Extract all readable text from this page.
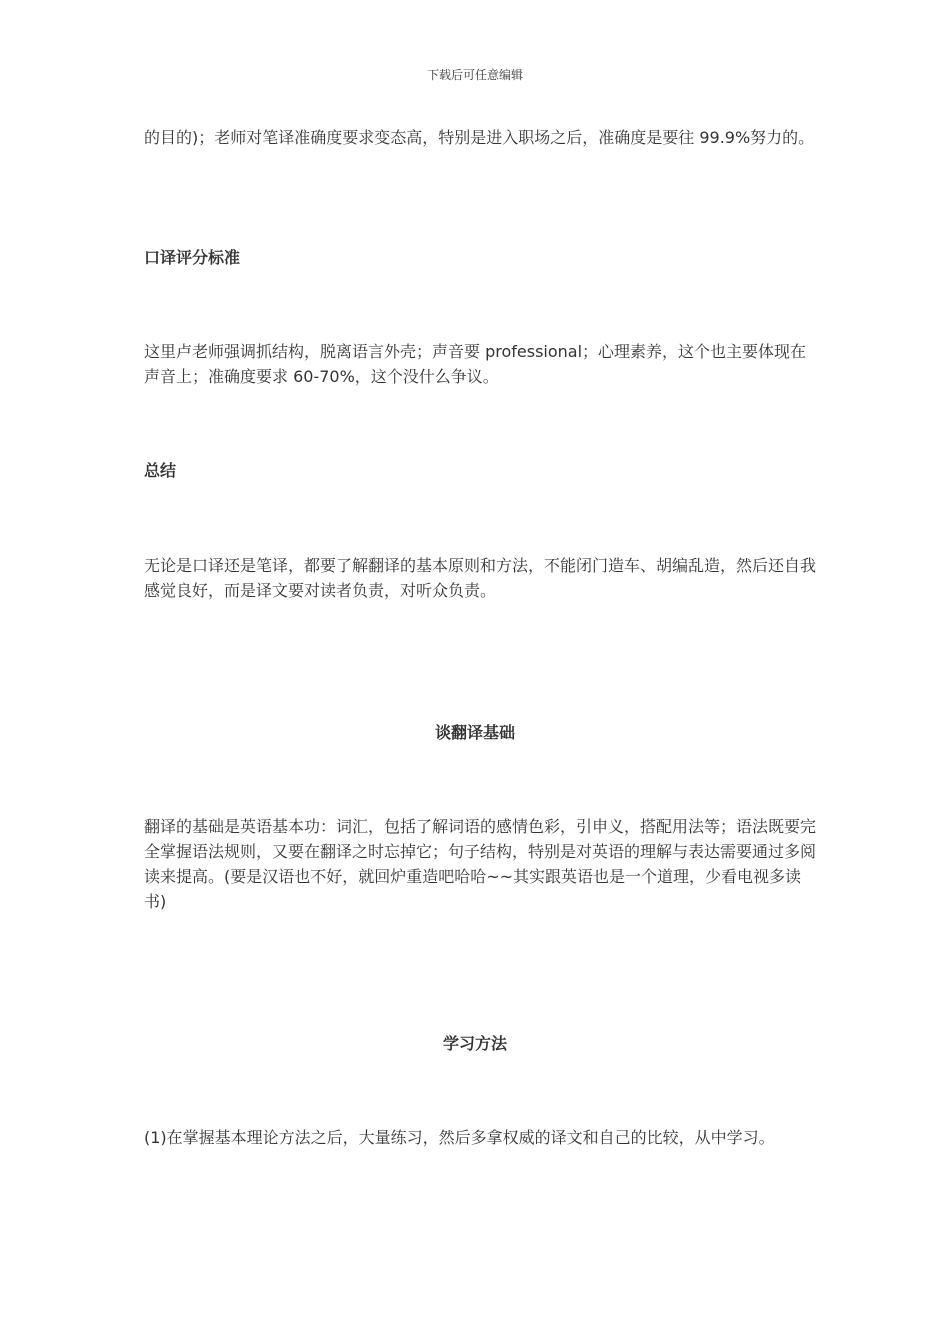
下载后可任意编辑

的目的)；老师对笔译准确度要求变态高，特别是进入职场之后，准确度是要往 99.9%努力的。

口译评分标准

这里卢老师强调抓结构，脱离语言外壳；声音要 professional；心理素养，这个也主要体现在声音上；准确度要求 60-70%，这个没什么争议。

总结

无论是口译还是笔译，都要了解翻译的基本原则和方法，不能闭门造车、胡编乱造，然后还自我感觉良好，而是译文要对读者负责，对听众负责。

谈翻译基础

翻译的基础是英语基本功：词汇，包括了解词语的感情色彩，引申义，搭配用法等；语法既要完全掌握语法规则，又要在翻译之时忘掉它；句子结构，特别是对英语的理解与表达需要通过多阅读来提高。(要是汉语也不好，就回炉重造吧哈哈~~其实跟英语也是一个道理，少看电视多读书)

学习方法

(1)在掌握基本理论方法之后，大量练习，然后多拿权威的译文和自己的比较，从中学习。
